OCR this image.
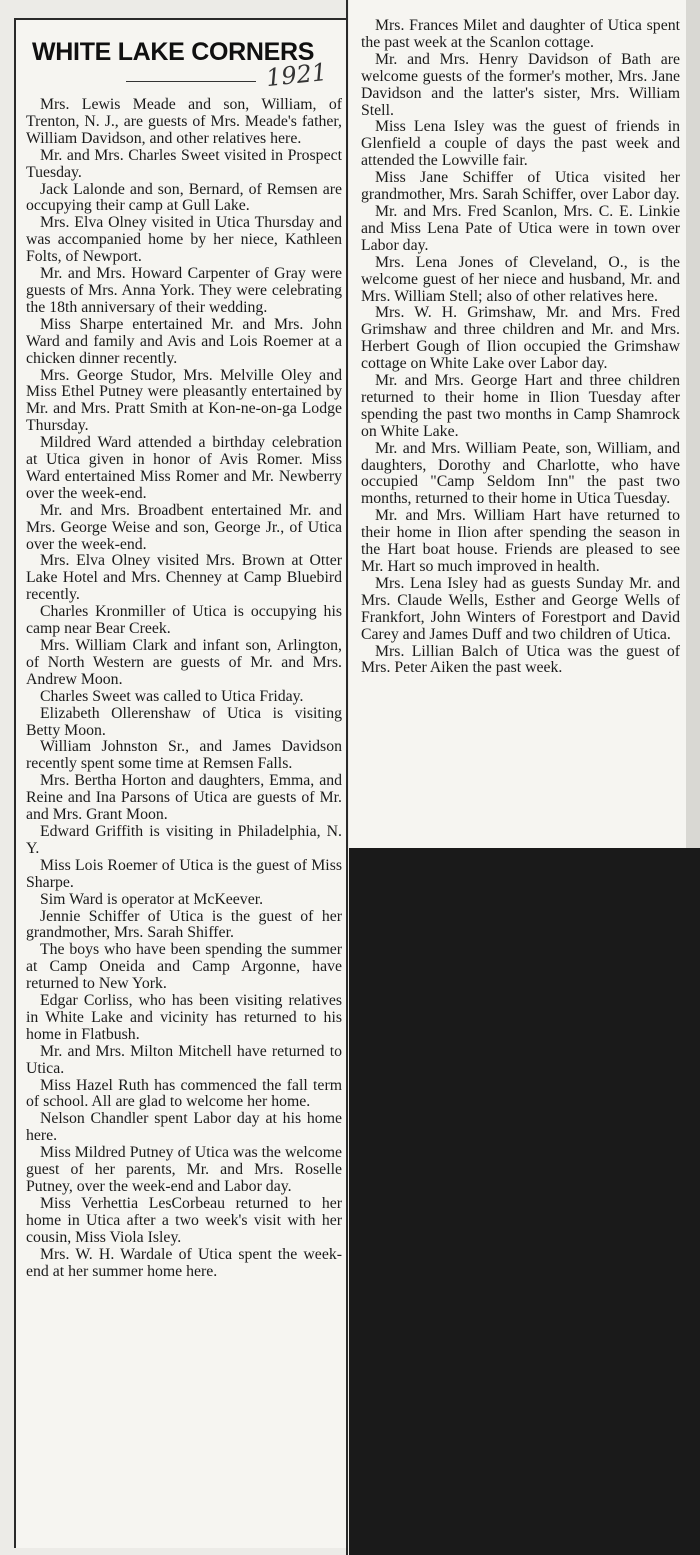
WHITE LAKE CORNERS
1921

Mrs. Lewis Meade and son, William, of Trenton, N. J., are guests of Mrs. Meade's father, William Davidson, and other relatives here.

Mr. and Mrs. Charles Sweet visited in Prospect Tuesday.

Jack Lalonde and son, Bernard, of Remsen are occupying their camp at Gull Lake.

Mrs. Elva Olney visited in Utica Thursday and was accompanied home by her niece, Kathleen Folts, of Newport.

Mr. and Mrs. Howard Carpenter of Gray were guests of Mrs. Anna York. They were celebrating the 18th anniversary of their wedding.

Miss Sharpe entertained Mr. and Mrs. John Ward and family and Avis and Lois Roemer at a chicken dinner recently.

Mrs. George Studor, Mrs. Melville Oley and Miss Ethel Putney were pleasantly entertained by Mr. and Mrs. Pratt Smith at Kon-ne-on-ga Lodge Thursday.

Mildred Ward attended a birthday celebration at Utica given in honor of Avis Romer. Miss Ward entertained Miss Romer and Mr. Newberry over the week-end.

Mr. and Mrs. Broadbent entertained Mr. and Mrs. George Weise and son, George Jr., of Utica over the week-end.

Mrs. Elva Olney visited Mrs. Brown at Otter Lake Hotel and Mrs. Chenney at Camp Bluebird recently.

Charles Kronmiller of Utica is occupying his camp near Bear Creek.

Mrs. William Clark and infant son, Arlington, of North Western are guests of Mr. and Mrs. Andrew Moon.

Charles Sweet was called to Utica Friday.

Elizabeth Ollerenshaw of Utica is visiting Betty Moon.

William Johnston Sr., and James Davidson recently spent some time at Remsen Falls.

Mrs. Bertha Horton and daughters, Emma, and Reine and Ina Parsons of Utica are guests of Mr. and Mrs. Grant Moon.

Edward Griffith is visiting in Philadelphia, N. Y.

Miss Lois Roemer of Utica is the guest of Miss Sharpe.

Sim Ward is operator at McKeever.

Jennie Schiffer of Utica is the guest of her grandmother, Mrs. Sarah Shiffer.

The boys who have been spending the summer at Camp Oneida and Camp Argonne, have returned to New York.

Edgar Corliss, who has been visiting relatives in White Lake and vicinity has returned to his home in Flatbush.

Mr. and Mrs. Milton Mitchell have returned to Utica.

Miss Hazel Ruth has commenced the fall term of school. All are glad to welcome her home.

Nelson Chandler spent Labor day at his home here.

Miss Mildred Putney of Utica was the welcome guest of her parents, Mr. and Mrs. Roselle Putney, over the week-end and Labor day.

Miss Verhettia LesCorbeau returned to her home in Utica after a two week's visit with her cousin, Miss Viola Isley.

Mrs. W. H. Wardale of Utica spent the week-end at her summer home here.

Mrs. Frances Milet and daughter of Utica spent the past week at the Scanlon cottage.

Mr. and Mrs. Henry Davidson of Bath are welcome guests of the former's mother, Mrs. Jane Davidson and the latter's sister, Mrs. William Stell.

Miss Lena Isley was the guest of friends in Glenfield a couple of days the past week and attended the Lowville fair.

Miss Jane Schiffer of Utica visited her grandmother, Mrs. Sarah Schiffer, over Labor day.

Mr. and Mrs. Fred Scanlon, Mrs. C. E. Linkie and Miss Lena Pate of Utica were in town over Labor day.

Mrs. Lena Jones of Cleveland, O., is the welcome guest of her niece and husband, Mr. and Mrs. William Stell; also of other relatives here.

Mrs. W. H. Grimshaw, Mr. and Mrs. Fred Grimshaw and three children and Mr. and Mrs. Herbert Gough of Ilion occupied the Grimshaw cottage on White Lake over Labor day.

Mr. and Mrs. George Hart and three children returned to their home in Ilion Tuesday after spending the past two months in Camp Shamrock on White Lake.

Mr. and Mrs. William Peate, son, William, and daughters, Dorothy and Charlotte, who have occupied "Camp Seldom Inn" the past two months, returned to their home in Utica Tuesday.

Mr. and Mrs. William Hart have returned to their home in Ilion after spending the season in the Hart boat house. Friends are pleased to see Mr. Hart so much improved in health.

Mrs. Lena Isley had as guests Sunday Mr. and Mrs. Claude Wells, Esther and George Wells of Frankfort, John Winters of Forestport and David Carey and James Duff and two children of Utica.

Mrs. Lillian Balch of Utica was the guest of Mrs. Peter Aiken the past week.
